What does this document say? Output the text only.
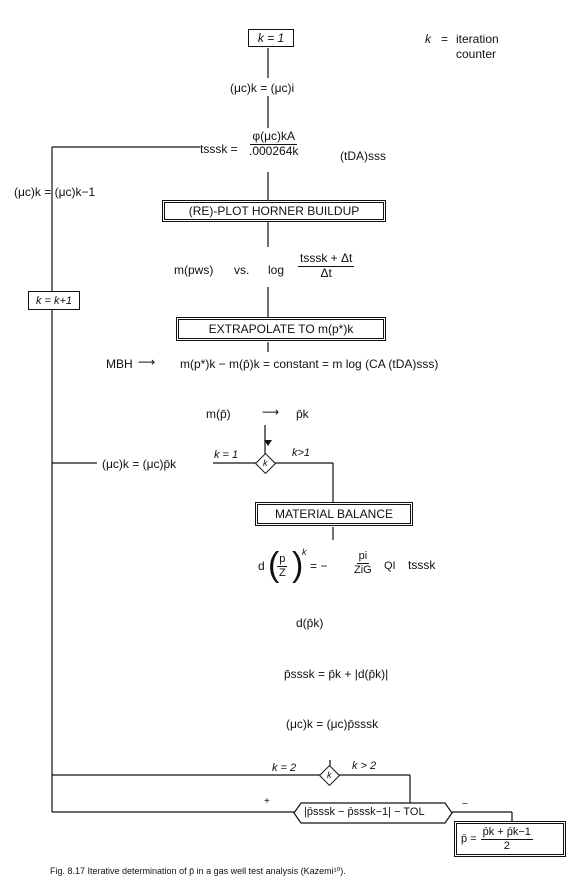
k = 1	k = iteration
counter
(μc)k = (μc)i
tsssk = $\frac{\varphi(\mu c)kA}{.000264k}$	(tDA)sss
(μc)k = (μc)k−1
(RE)-PLOT HORNER BUILDUP
m(pws) vs. log
tsssk + Δt
Δt
k = k+1
EXTRAPOLATE TO m(p*)k
MBH ⟶ m(p*)k − m(p̄)k = constant = m log (CA (tDA)sss)
m(p̄)	⟶ p̄k
(μc)k = (μc)p̄k
k = 1	k>1
k
MATERIAL BALANCE
d (
$\frac{p}{Z}$ )
k
= −
pi
ZiG QI tsssk
d(p̄k)
p̄sssk = p̄k + |d(p̄k)|
(μc)k = (μc)p̄sssk
k = 2	k > 2
k
+	−
|p̄sssk − p̄sssk−1| − TOL
p̄ = $\frac{p̄k + p̄k-1}{2}$
Fig. 8.17 Iterative determination of p̄ in a gas well test analysis (Kazemi¹⁰).
